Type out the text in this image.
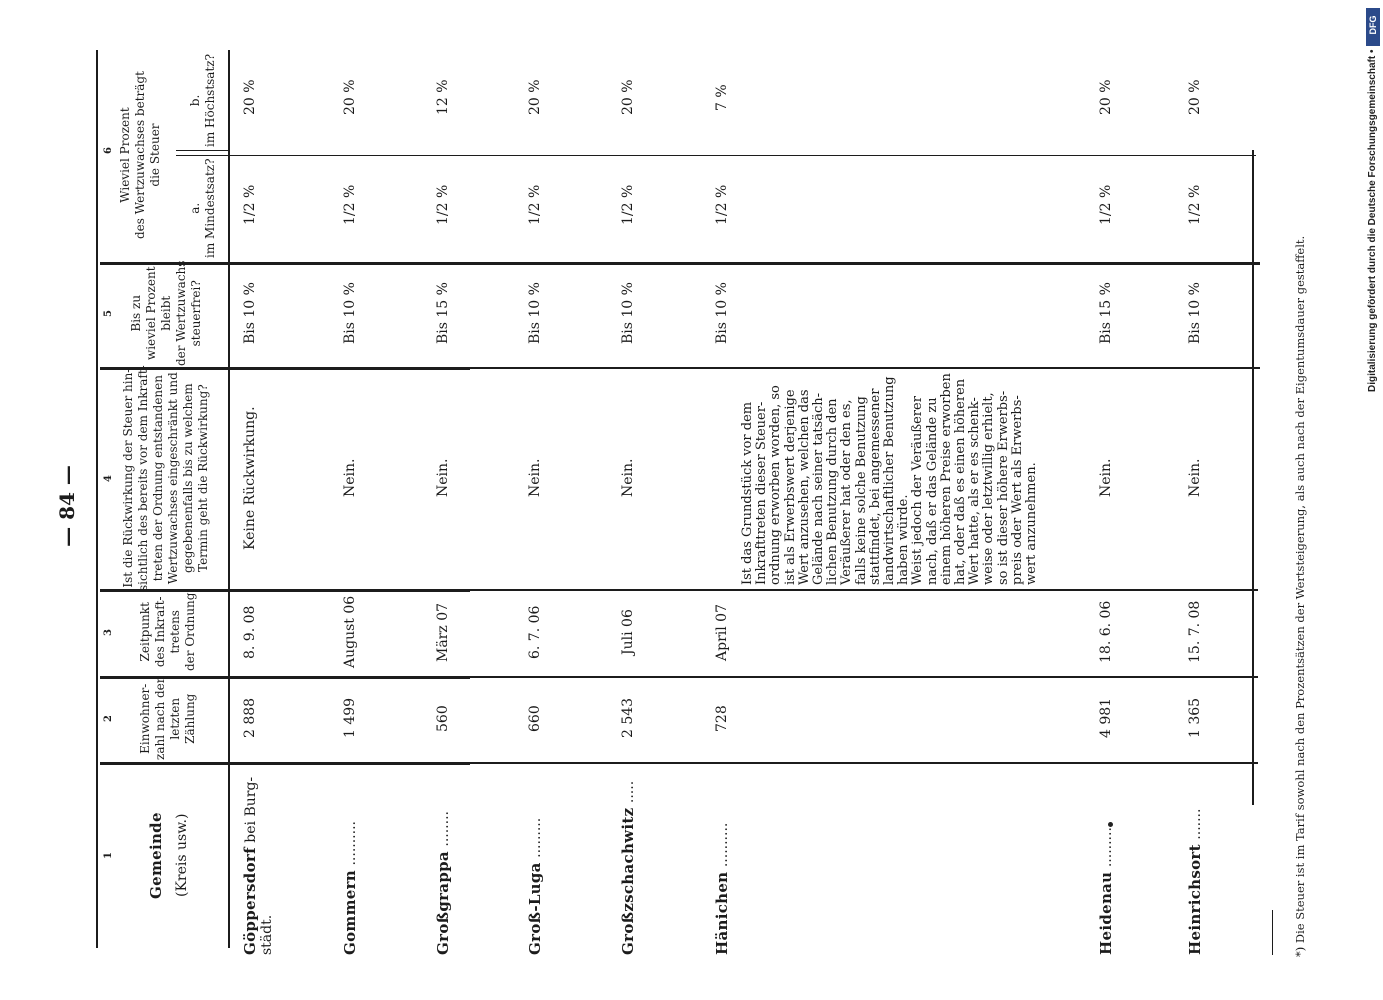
— 84 —
1
2
3
4
5
6
Gemeinde (Kreis usw.)
Einwohner- zahl nach der letzten Zählung
Zeitpunkt des Inkraft- tretens der Ordnung
Ist die Rückwirkung der Steuer hin- sichtlich des bereits vor dem Inkraft- treten der Ordnung entstandenen Wertzuwachses eingeschränkt und gegebenenfalls bis zu welchem Termin geht die Rückwirkung?
Bis zu wieviel Prozent bleibt der Wertzuwachs steuerfrei?
Wieviel Prozent des Wertzuwachses beträgt die Steuer
a. im Mindestsatz?
b. im Höchstsatz?
Göppersdorf bei Burg-
städt.
2 888
8. 9. 08
Keine Rückwirkung.
Bis 10 %
1/2 %
20 %
Gommern ..........
1 499
August 06
Nein.
Bis 10 %
1/2 %
20 %
Großgrappa ........
560
März 07
Nein.
Bis 15 %
1/2 %
12 %
Groß-Luga .........
660
6. 7. 06
Nein.
Bis 10 %
1/2 %
20 %
Großzschachwitz .....
2 543
Juli 06
Nein.
Bis 10 %
1/2 %
20 %
Hänichen ..........
728
April 07
Bis 10 %
1/2 %
7 %
Heidenau .........
4 981
18. 6. 06
Nein.
Bis 15 %
1/2 %
20 %
Heinrichsort .......
1 365
15. 7. 08
Nein.
Bis 10 %
1/2 %
20 %
Ist das Grundstück vor dem Inkrafttreten dieser Steuer- ordnung erworben worden, so ist als Erwerbswert derjenige Wert anzusehen, welchen das Gelände nach seiner tatsäch- lichen Benutzung durch den Veräußerer hat oder den es, falls keine solche Benutzung stattfindet, bei angemessener landwirtschaftlicher Benutzung haben würde. Weist jedoch der Veräußerer nach, daß er das Gelände zu einem höheren Preise erworben hat, oder daß es einen höheren Wert hatte, als er es schenk- weise oder letztwillig erhielt, so ist dieser höhere Erwerbs- preis oder Wert als Erwerbs- wert anzunehmen.	*) Die Steuer ist im Tarif sowohl nach den Prozentsätzen der Wertsteigerung, als auch nach der Eigentumsdauer gestaffelt.
Digitalisierung gefördert durch die Deutsche Forschungsgemeinschaft •
DFG
